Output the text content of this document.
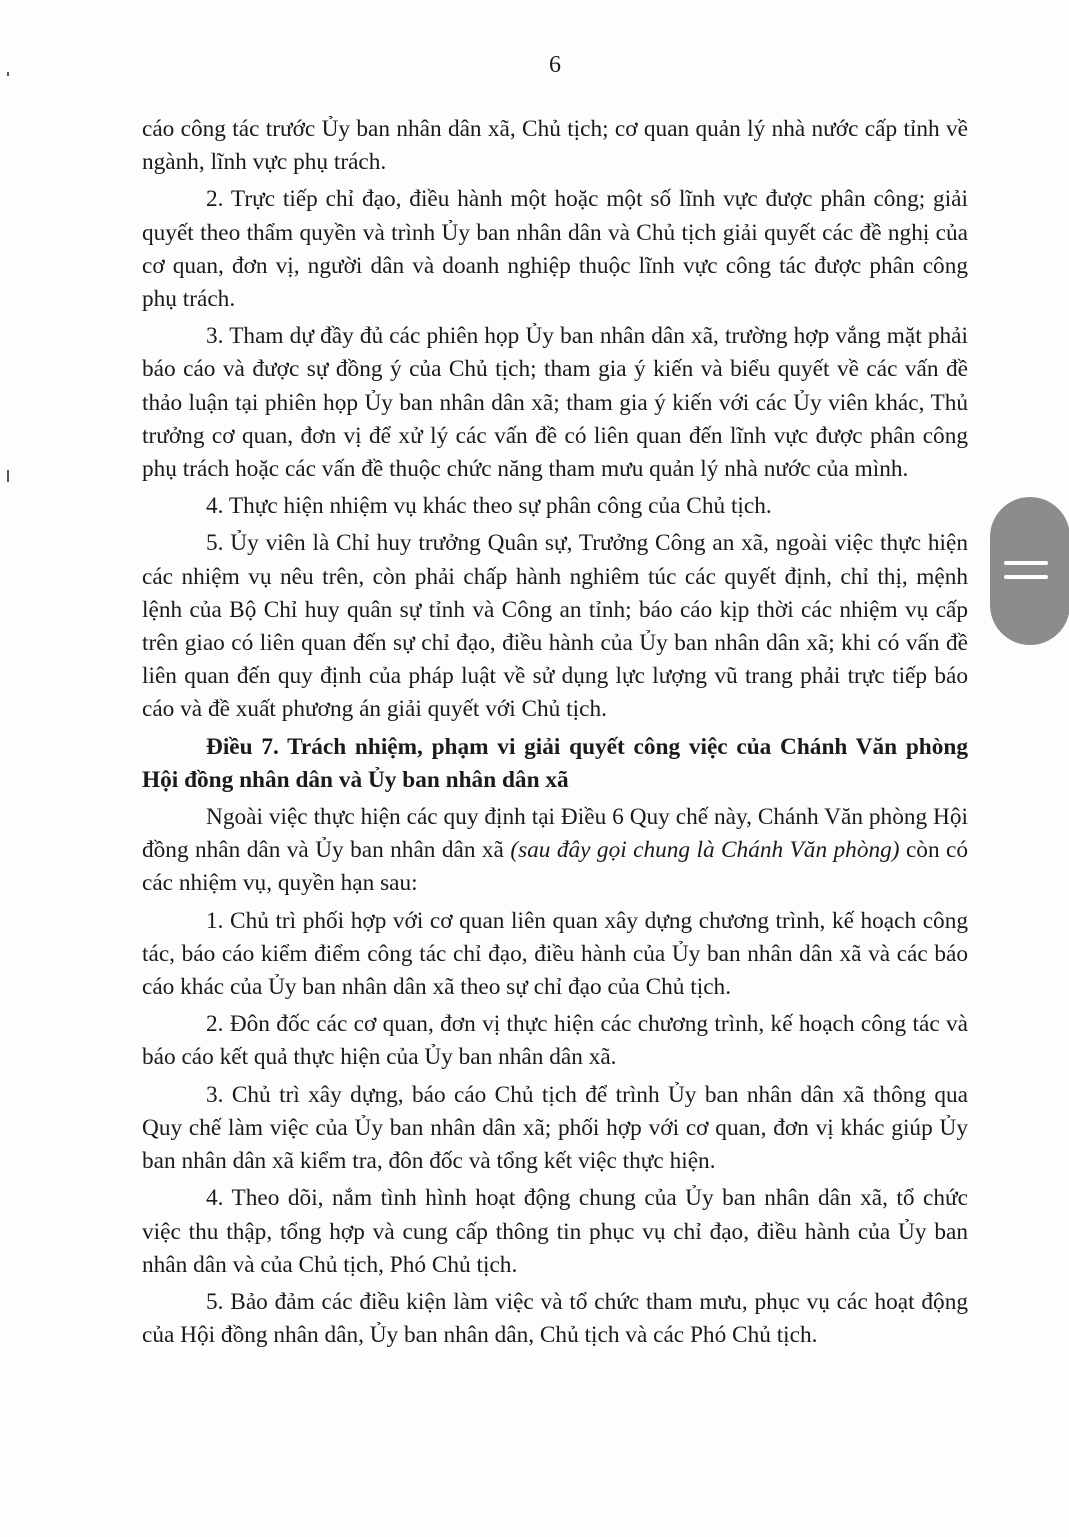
6

cáo công tác trước Ủy ban nhân dân xã, Chủ tịch; cơ quan quản lý nhà nước cấp tỉnh về ngành, lĩnh vực phụ trách.

2. Trực tiếp chỉ đạo, điều hành một hoặc một số lĩnh vực được phân công; giải quyết theo thẩm quyền và trình Ủy ban nhân dân và Chủ tịch giải quyết các đề nghị của cơ quan, đơn vị, người dân và doanh nghiệp thuộc lĩnh vực công tác được phân công phụ trách.

3. Tham dự đầy đủ các phiên họp Ủy ban nhân dân xã, trường hợp vắng mặt phải báo cáo và được sự đồng ý của Chủ tịch; tham gia ý kiến và biểu quyết về các vấn đề thảo luận tại phiên họp Ủy ban nhân dân xã; tham gia ý kiến với các Ủy viên khác, Thủ trưởng cơ quan, đơn vị để xử lý các vấn đề có liên quan đến lĩnh vực được phân công phụ trách hoặc các vấn đề thuộc chức năng tham mưu quản lý nhà nước của mình.

4. Thực hiện nhiệm vụ khác theo sự phân công của Chủ tịch.

5. Ủy viên là Chỉ huy trưởng Quân sự, Trưởng Công an xã, ngoài việc thực hiện các nhiệm vụ nêu trên, còn phải chấp hành nghiêm túc các quyết định, chỉ thị, mệnh lệnh của Bộ Chỉ huy quân sự tỉnh và Công an tỉnh; báo cáo kịp thời các nhiệm vụ cấp trên giao có liên quan đến sự chỉ đạo, điều hành của Ủy ban nhân dân xã; khi có vấn đề liên quan đến quy định của pháp luật về sử dụng lực lượng vũ trang phải trực tiếp báo cáo và đề xuất phương án giải quyết với Chủ tịch.

Điều 7. Trách nhiệm, phạm vi giải quyết công việc của Chánh Văn phòng Hội đồng nhân dân và Ủy ban nhân dân xã

Ngoài việc thực hiện các quy định tại Điều 6 Quy chế này, Chánh Văn phòng Hội đồng nhân dân và Ủy ban nhân dân xã (sau đây gọi chung là Chánh Văn phòng) còn có các nhiệm vụ, quyền hạn sau:

1. Chủ trì phối hợp với cơ quan liên quan xây dựng chương trình, kế hoạch công tác, báo cáo kiểm điểm công tác chỉ đạo, điều hành của Ủy ban nhân dân xã và các báo cáo khác của Ủy ban nhân dân xã theo sự chỉ đạo của Chủ tịch.

2. Đôn đốc các cơ quan, đơn vị thực hiện các chương trình, kế hoạch công tác và báo cáo kết quả thực hiện của Ủy ban nhân dân xã.

3. Chủ trì xây dựng, báo cáo Chủ tịch để trình Ủy ban nhân dân xã thông qua Quy chế làm việc của Ủy ban nhân dân xã; phối hợp với cơ quan, đơn vị khác giúp Ủy ban nhân dân xã kiểm tra, đôn đốc và tổng kết việc thực hiện.

4. Theo dõi, nắm tình hình hoạt động chung của Ủy ban nhân dân xã, tổ chức việc thu thập, tổng hợp và cung cấp thông tin phục vụ chỉ đạo, điều hành của Ủy ban nhân dân và của Chủ tịch, Phó Chủ tịch.

5. Bảo đảm các điều kiện làm việc và tổ chức tham mưu, phục vụ các hoạt động của Hội đồng nhân dân, Ủy ban nhân dân, Chủ tịch và các Phó Chủ tịch.
